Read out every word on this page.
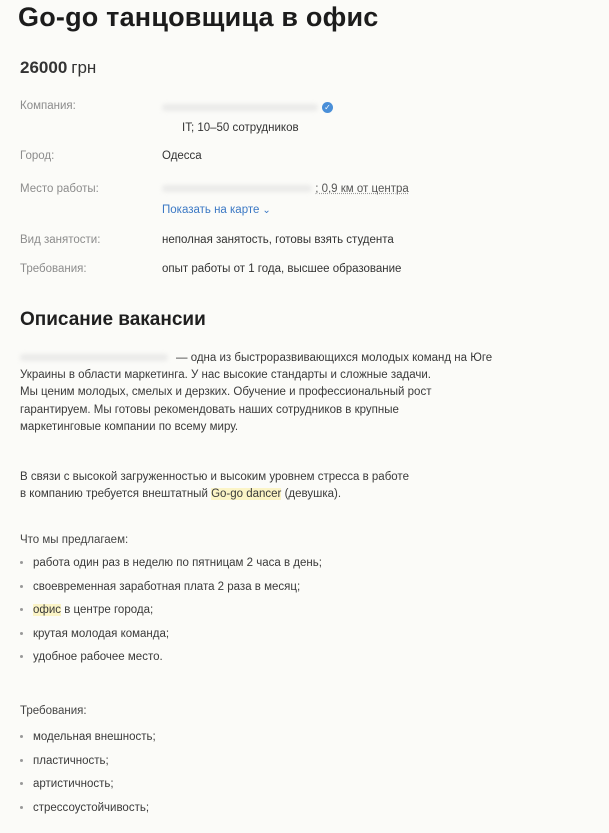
Go-go танцовщица в офис
26000 грн
Компания:	✓
IT; 10–50 сотрудников
Город:	Одесса
Место работы:	; 0,9 км от центра
Показать на карте ⌄
Вид занятости:	неполная занятость, готовы взять студента
Требования:	опыт работы от 1 года, высшее образование
Описание вакансии
— одна из быстроразвивающихся молодых команд на Юге
Украины в области маркетинга. У нас высокие стандарты и сложные задачи.
Мы ценим молодых, смелых и дерзких. Обучение и профессиональный рост
гарантируем. Мы готовы рекомендовать наших сотрудников в крупные
маркетинговые компании по всему миру.
В связи с высокой загруженностью и высоким уровнем стресса в работе
в компанию требуется внештатный Go-go dancer (девушка).
Что мы предлагаем:
работа один раз в неделю по пятницам 2 часа в день;
своевременная заработная плата 2 раза в месяц;
офис в центре города;
крутая молодая команда;
удобное рабочее место.
Требования:
модельная внешность;
пластичность;
артистичность;
стрессоустойчивость;
